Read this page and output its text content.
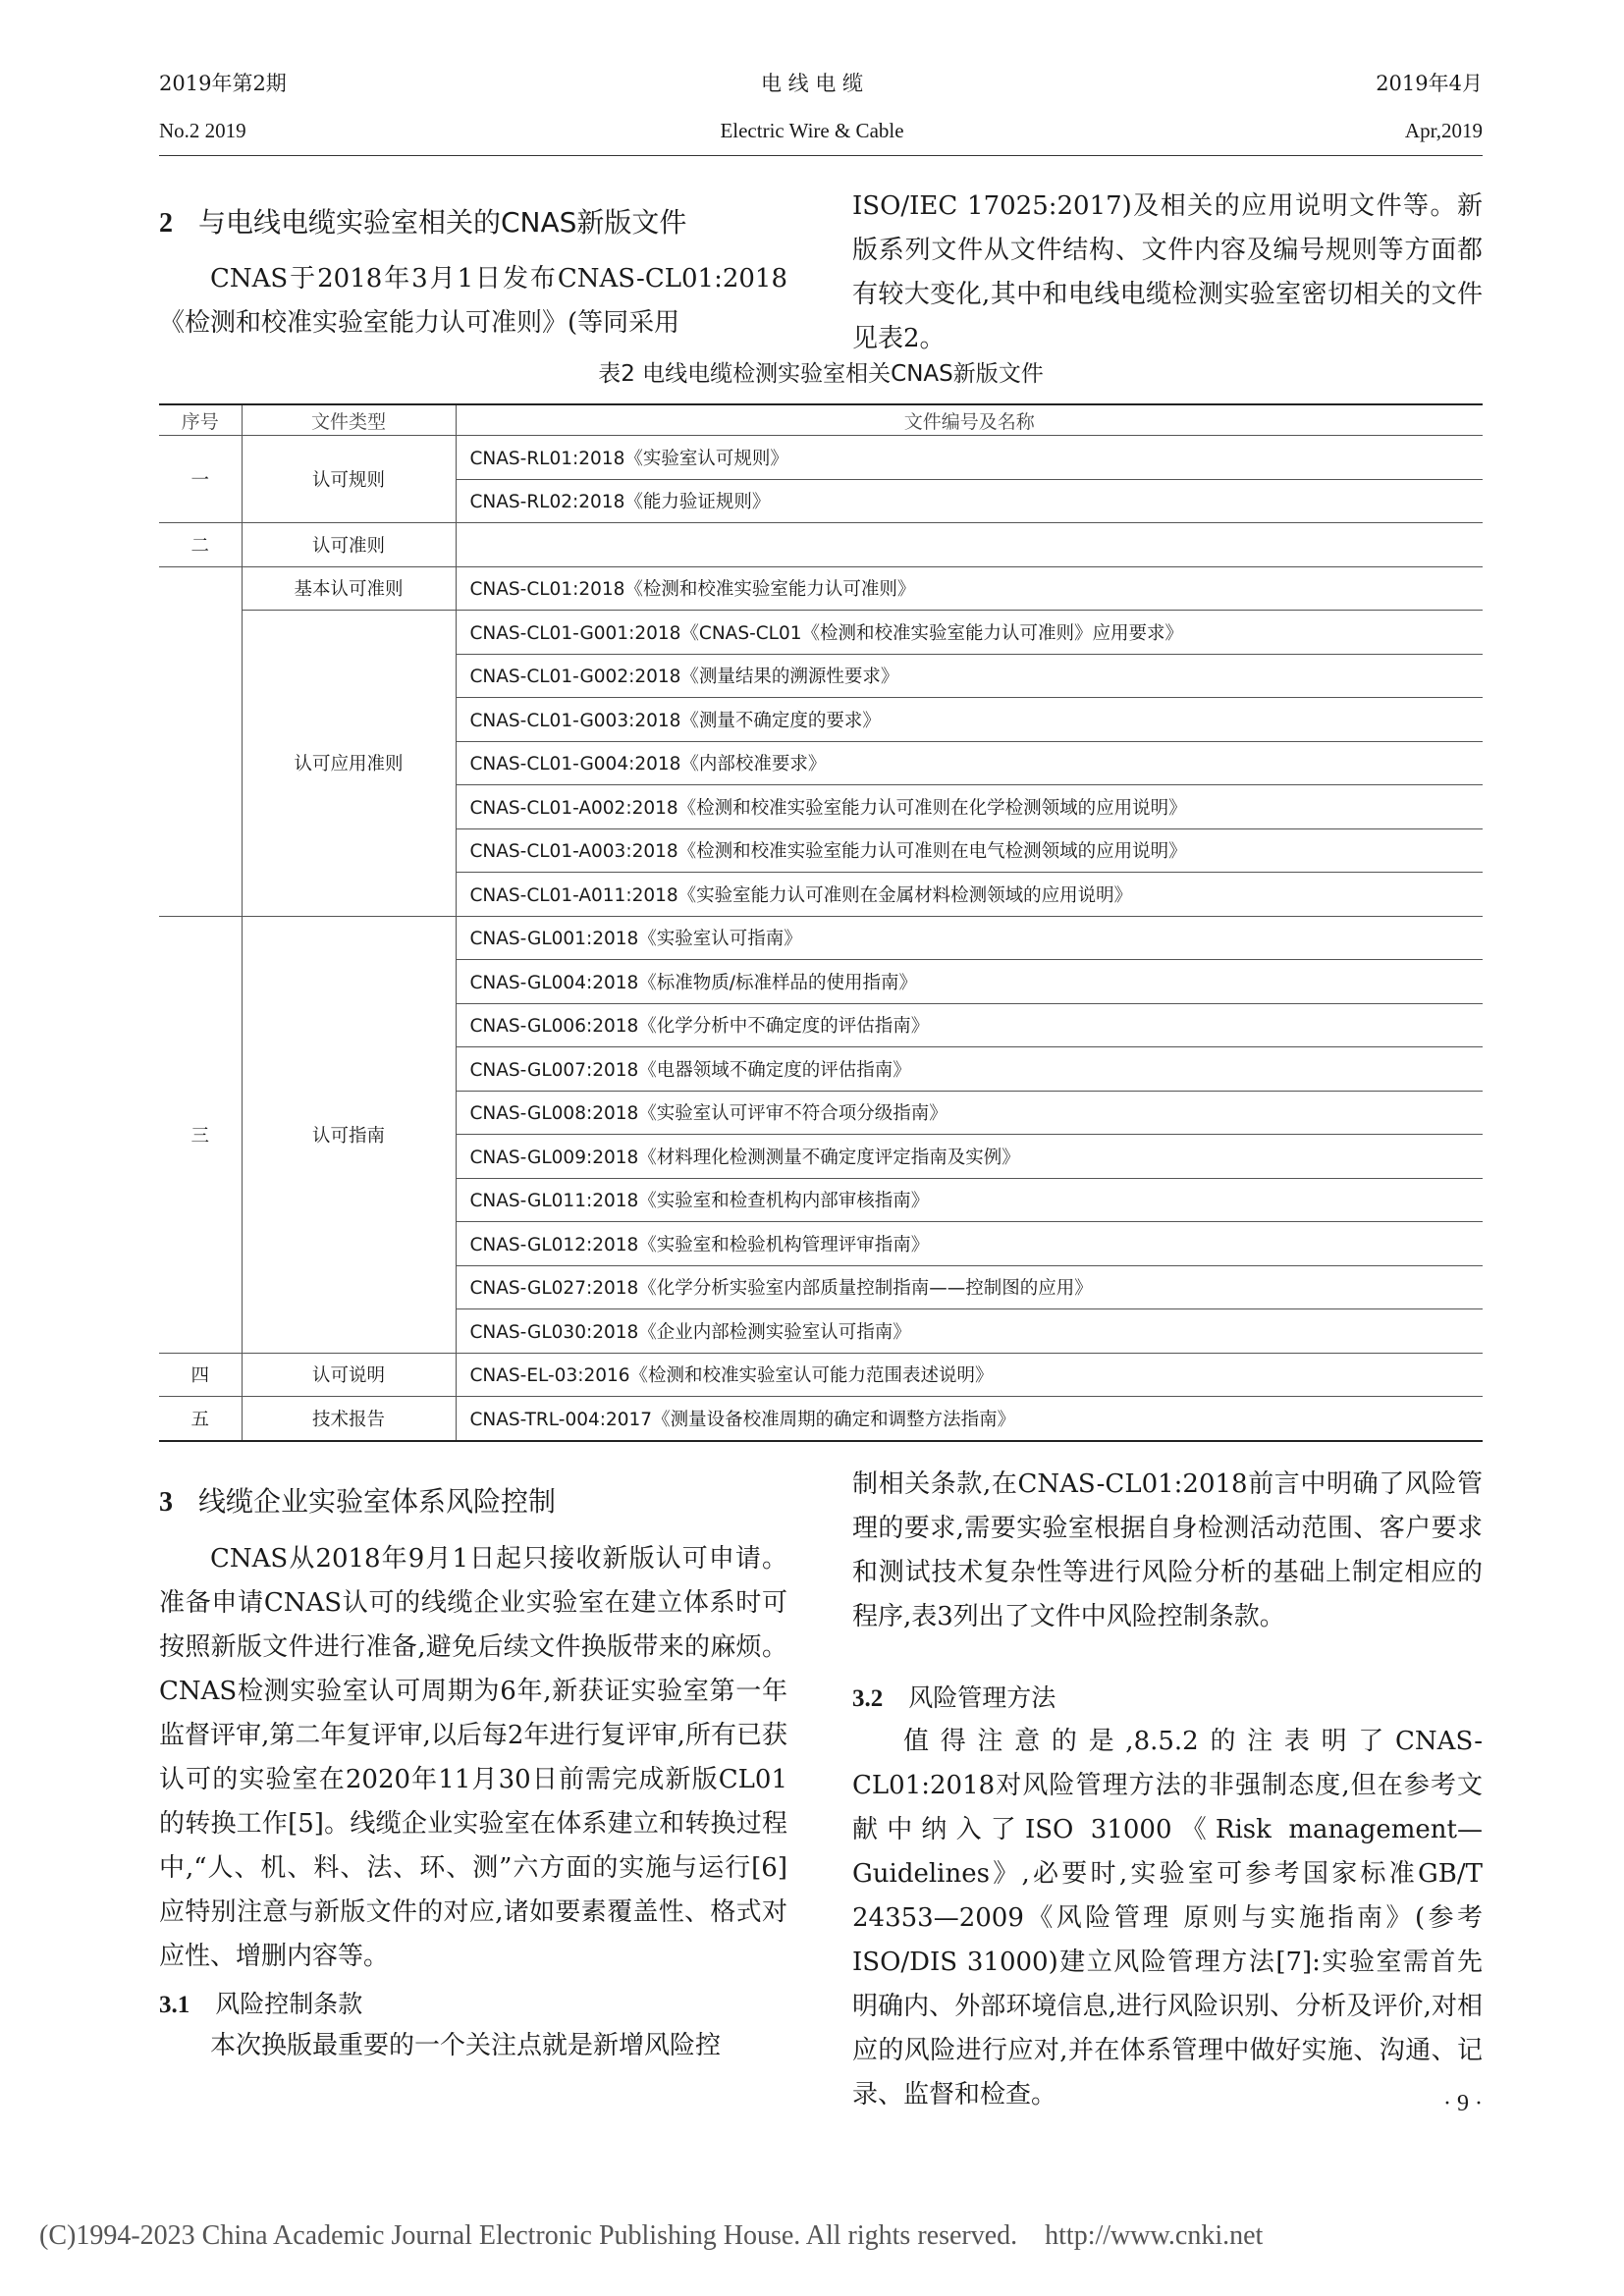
2019年第2期
No.2 2019
电 线 电 缆
Electric Wire & Cable
2019年4月
Apr,2019
2 与电线电缆实验室相关的CNAS新版文件

CNAS于2018年3月1日发布CNAS-CL01:2018《检测和校准实验室能力认可准则》(等同采用

ISO/IEC 17025:2017)及相关的应用说明文件等。新版系列文件从文件结构、文件内容及编号规则等方面都有较大变化,其中和电线电缆检测实验室密切相关的文件见表2。

表2 电线电缆检测实验室相关CNAS新版文件
序号	文件类型	文件编号及名称
一	认可规则	CNAS-RL01:2018《实验室认可规则》
		CNAS-RL02:2018《能力验证规则》
二	认可准则	
	基本认可准则	CNAS-CL01:2018《检测和校准实验室能力认可准则》
	认可应用准则	CNAS-CL01-G001:2018《CNAS-CL01《检测和校准实验室能力认可准则》应用要求》
		CNAS-CL01-G002:2018《测量结果的溯源性要求》
		CNAS-CL01-G003:2018《测量不确定度的要求》
		CNAS-CL01-G004:2018《内部校准要求》
		CNAS-CL01-A002:2018《检测和校准实验室能力认可准则在化学检测领域的应用说明》
		CNAS-CL01-A003:2018《检测和校准实验室能力认可准则在电气检测领域的应用说明》
		CNAS-CL01-A011:2018《实验室能力认可准则在金属材料检测领域的应用说明》
三	认可指南	CNAS-GL001:2018《实验室认可指南》
		CNAS-GL004:2018《标准物质/标准样品的使用指南》
		CNAS-GL006:2018《化学分析中不确定度的评估指南》
		CNAS-GL007:2018《电器领域不确定度的评估指南》
		CNAS-GL008:2018《实验室认可评审不符合项分级指南》
		CNAS-GL009:2018《材料理化检测测量不确定度评定指南及实例》
		CNAS-GL011:2018《实验室和检查机构内部审核指南》
		CNAS-GL012:2018《实验室和检验机构管理评审指南》
		CNAS-GL027:2018《化学分析实验室内部质量控制指南——控制图的应用》
		CNAS-GL030:2018《企业内部检测实验室认可指南》
四	认可说明	CNAS-EL-03:2016《检测和校准实验室认可能力范围表述说明》
五	技术报告	CNAS-TRL-004:2017《测量设备校准周期的确定和调整方法指南》
3 线缆企业实验室体系风险控制

CNAS从2018年9月1日起只接收新版认可申请。准备申请CNAS认可的线缆企业实验室在建立体系时可按照新版文件进行准备,避免后续文件换版带来的麻烦。CNAS检测实验室认可周期为6年,新获证实验室第一年监督评审,第二年复评审,以后每2年进行复评审,所有已获认可的实验室在2020年11月30日前需完成新版CL01的转换工作[5]。线缆企业实验室在体系建立和转换过程中,“人、机、料、法、环、测”六方面的实施与运行[6]应特别注意与新版文件的对应,诸如要素覆盖性、格式对应性、增删内容等。

3.1 风险控制条款

本次换版最重要的一个关注点就是新增风险控

制相关条款,在CNAS-CL01:2018前言中明确了风险管理的要求,需要实验室根据自身检测活动范围、客户要求和测试技术复杂性等进行风险分析的基础上制定相应的程序,表3列出了文件中风险控制条款。

3.2 风险管理方法

值得注意的是,8.5.2的注表明了CNAS-CL01:2018对风险管理方法的非强制态度,但在参考文献中纳入了ISO 31000《Risk management—Guidelines》,必要时,实验室可参考国家标准GB/T 24353—2009《风险管理 原则与实施指南》(参考ISO/DIS 31000)建立风险管理方法[7]:实验室需首先明确内、外部环境信息,进行风险识别、分析及评价,对相应的风险进行应对,并在体系管理中做好实施、沟通、记录、监督和检查。	· 9 ·
(C)1994-2023 China Academic Journal Electronic Publishing House. All rights reserved.    http://www.cnki.net
